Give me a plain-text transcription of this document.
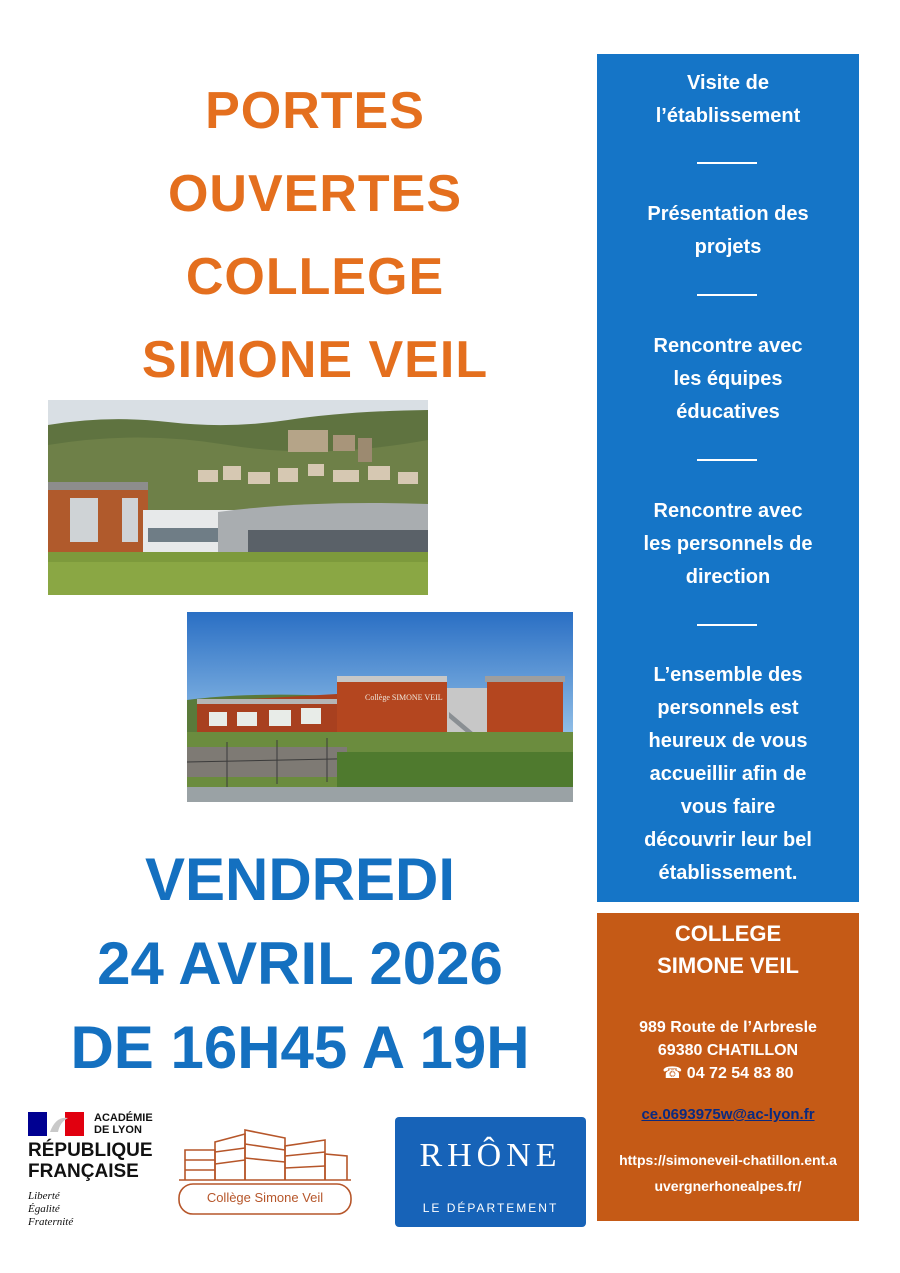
PORTES
OUVERTES
COLLEGE
SIMONE VEIL
Collège SIMONE VEIL
VENDREDI
24 AVRIL 2026
DE 16H45 A 19H
Visite de
l’établissement
Présentation des
projets
Rencontre avec
les équipes
éducatives
Rencontre avec
les personnels de
direction
L’ensemble des
personnels est
heureux de vous
accueillir afin de
vous faire
découvrir leur bel
établissement.
COLLEGE
SIMONE VEIL
989 Route de l’Arbresle
69380 CHATILLON
☎ 04 72 54 83 80
ce.0693975w@ac-lyon.fr
https://simoneveil-chatillon.ent.auvergnerhonealpes.fr/
ACADÉMIE
DE LYON
RÉPUBLIQUE
FRANÇAISE
Liberté
Égalité
Fraternité
Collège Simone Veil
RHÔNE
LE DÉPARTEMENT
